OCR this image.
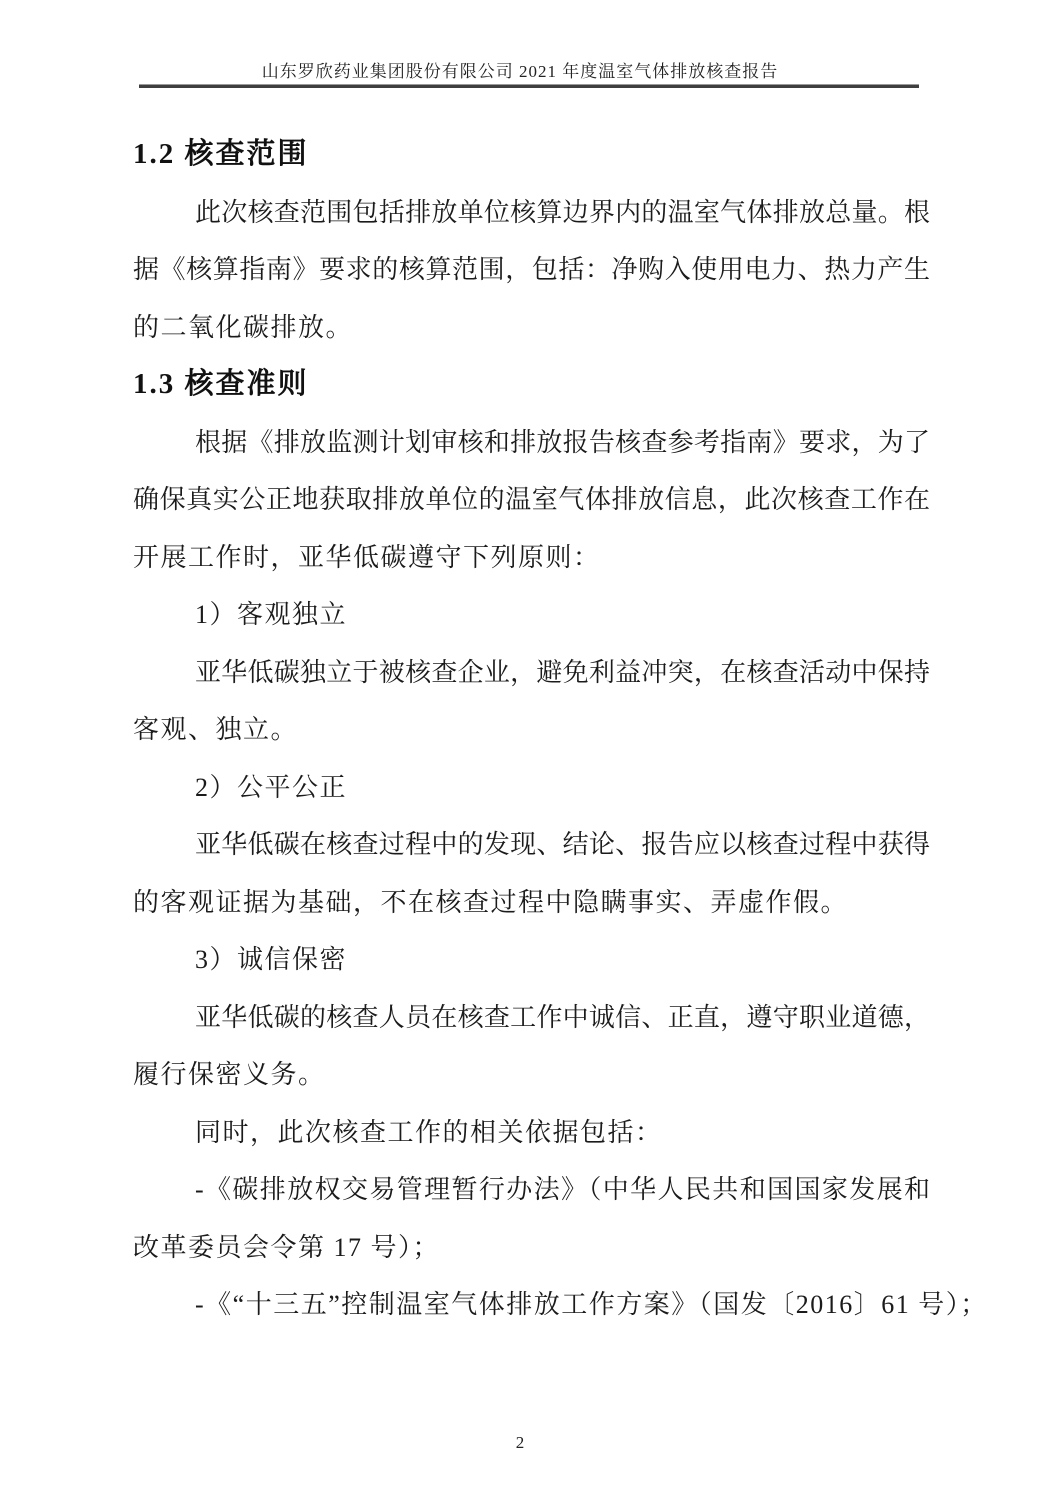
山东罗欣药业集团股份有限公司 2021 年度温室气体排放核查报告
1.2 核查范围

此次核查范围包括排放单位核算边界内的温室气体排放总量。根

据《核算指南》要求的核算范围，包括：净购入使用电力、热力产生

的二氧化碳排放。

1.3 核查准则

根据《排放监测计划审核和排放报告核查参考指南》要求，为了

确保真实公正地获取排放单位的温室气体排放信息，此次核查工作在

开展工作时，亚华低碳遵守下列原则：

1）客观独立

亚华低碳独立于被核查企业，避免利益冲突，在核查活动中保持

客观、独立。

2）公平公正

亚华低碳在核查过程中的发现、结论、报告应以核查过程中获得

的客观证据为基础，不在核查过程中隐瞒事实、弄虚作假。

3）诚信保密

亚华低碳的核查人员在核查工作中诚信、正直，遵守职业道德，

履行保密义务。

同时，此次核查工作的相关依据包括：

-《碳排放权交易管理暂行办法》（中华人民共和国国家发展和

改革委员会令第 17 号）；

-《“十三五”控制温室气体排放工作方案》（国发〔2016〕61 号）；

2
